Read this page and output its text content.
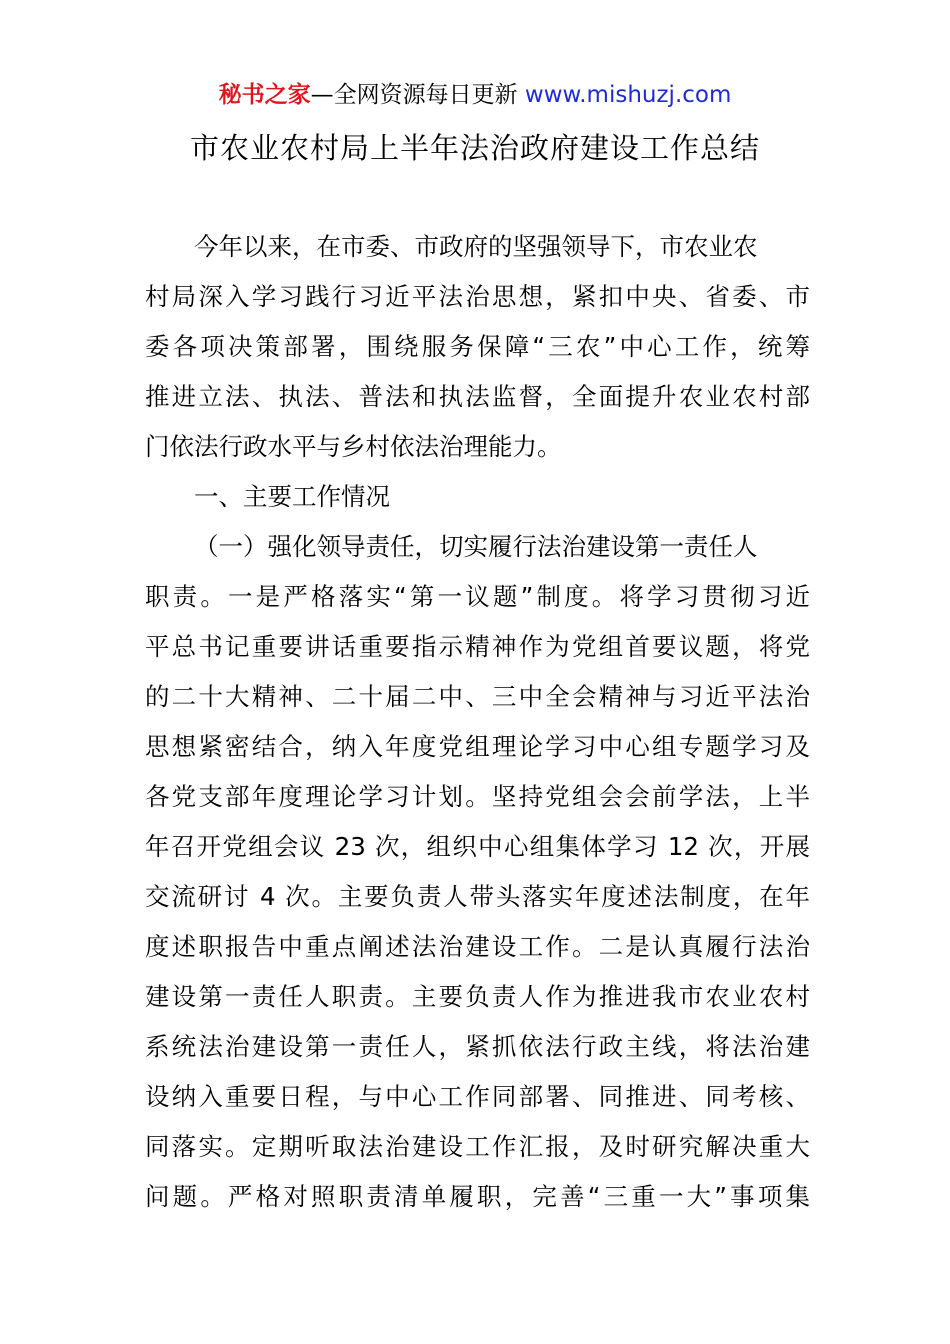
秘书之家—全网资源每日更新 www.mishuzj.com
市农业农村局上半年法治政府建设工作总结
今年以来，在市委、市政府的坚强领导下，市农业农
村局深入学习践行习近平法治思想，紧扣中央、省委、市
委各项决策部署，围绕服务保障“三农”中心工作，统筹
推进立法、执法、普法和执法监督，全面提升农业农村部
门依法行政水平与乡村依法治理能力。
一、主要工作情况
（一）强化领导责任，切实履行法治建设第一责任人
职责。一是严格落实“第一议题”制度。将学习贯彻习近
平总书记重要讲话重要指示精神作为党组首要议题，将党
的二十大精神、二十届二中、三中全会精神与习近平法治
思想紧密结合，纳入年度党组理论学习中心组专题学习及
各党支部年度理论学习计划。坚持党组会会前学法，上半
年召开党组会议 23 次，组织中心组集体学习 12 次，开展
交流研讨 4 次。主要负责人带头落实年度述法制度，在年
度述职报告中重点阐述法治建设工作。二是认真履行法治
建设第一责任人职责。主要负责人作为推进我市农业农村
系统法治建设第一责任人，紧抓依法行政主线，将法治建
设纳入重要日程，与中心工作同部署、同推进、同考核、
同落实。定期听取法治建设工作汇报，及时研究解决重大
问题。严格对照职责清单履职，完善“三重一大”事项集
